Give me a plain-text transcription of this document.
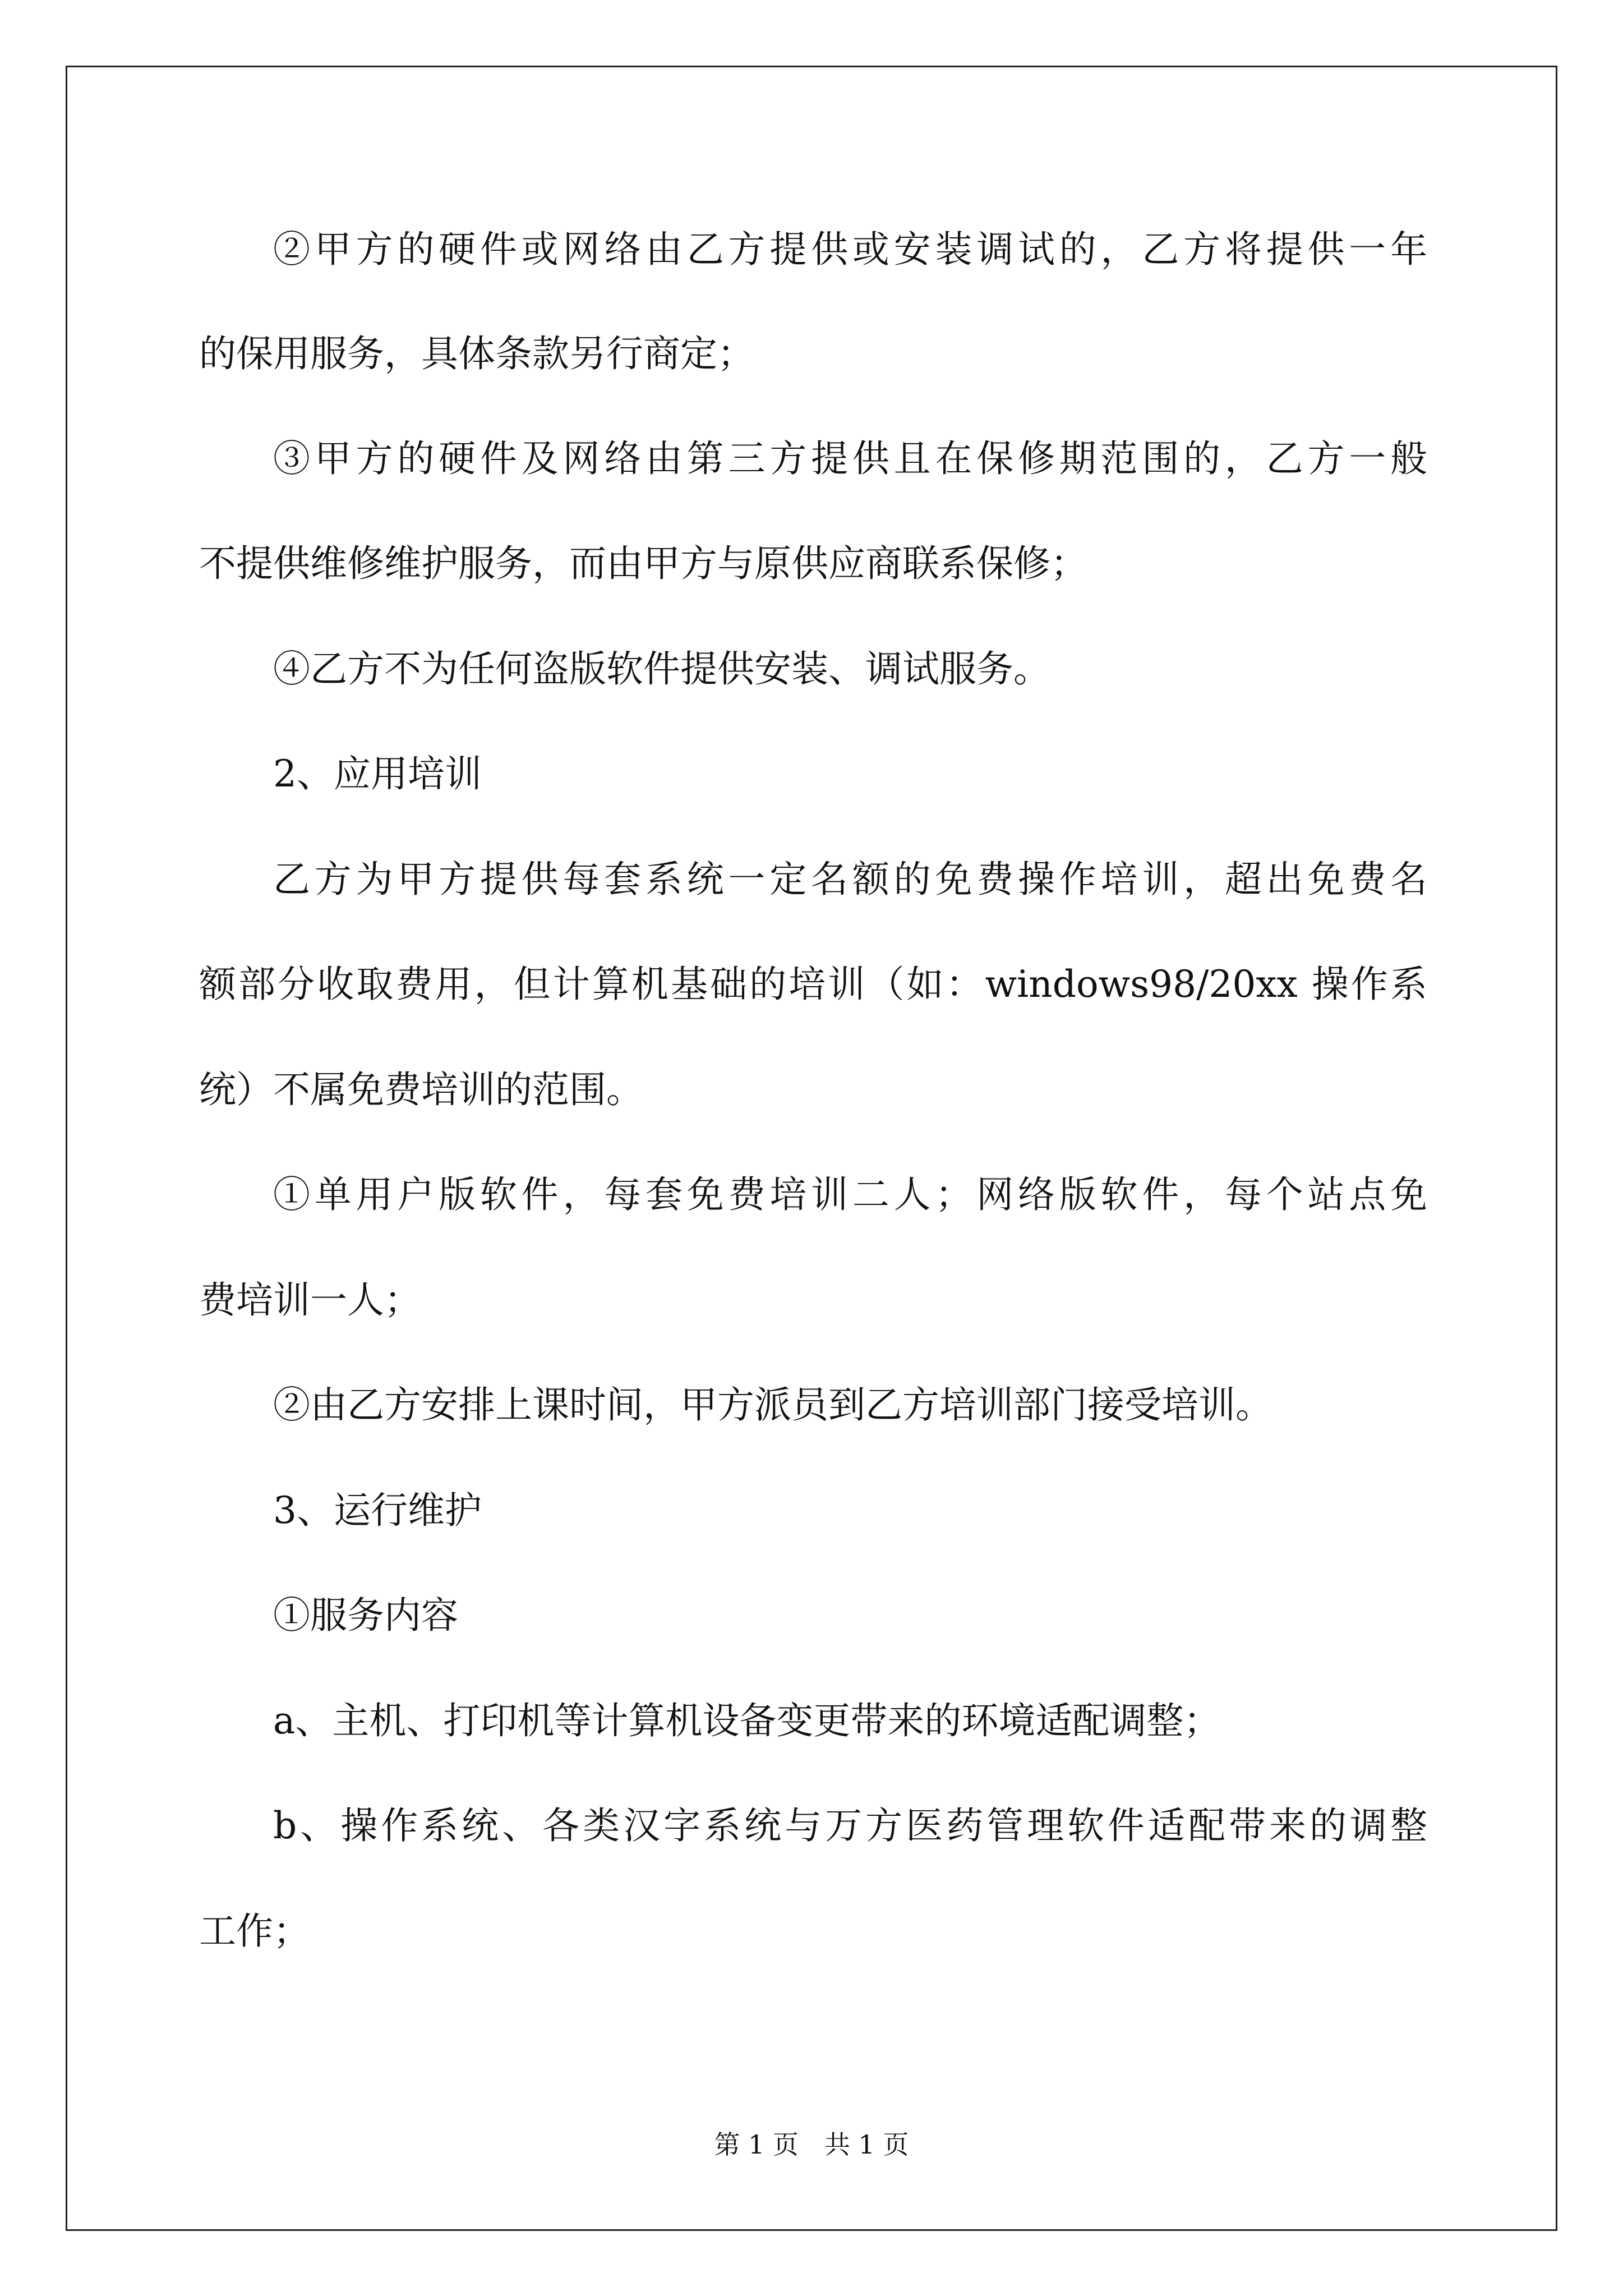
②甲方的硬件或网络由乙方提供或安装调试的，乙方将提供一年
的保用服务，具体条款另行商定；
③甲方的硬件及网络由第三方提供且在保修期范围的，乙方一般
不提供维修维护服务，而由甲方与原供应商联系保修；
④乙方不为任何盗版软件提供安装、调试服务。
2、应用培训
乙方为甲方提供每套系统一定名额的免费操作培训，超出免费名
额部分收取费用，但计算机基础的培训（如：windows98/20xx 操作系
统）不属免费培训的范围。
①单用户版软件，每套免费培训二人；网络版软件，每个站点免
费培训一人；
②由乙方安排上课时间，甲方派员到乙方培训部门接受培训。
3、运行维护
①服务内容
a、主机、打印机等计算机设备变更带来的环境适配调整；
b、操作系统、各类汉字系统与万方医药管理软件适配带来的调整
工作；
第 1 页　共 1 页
